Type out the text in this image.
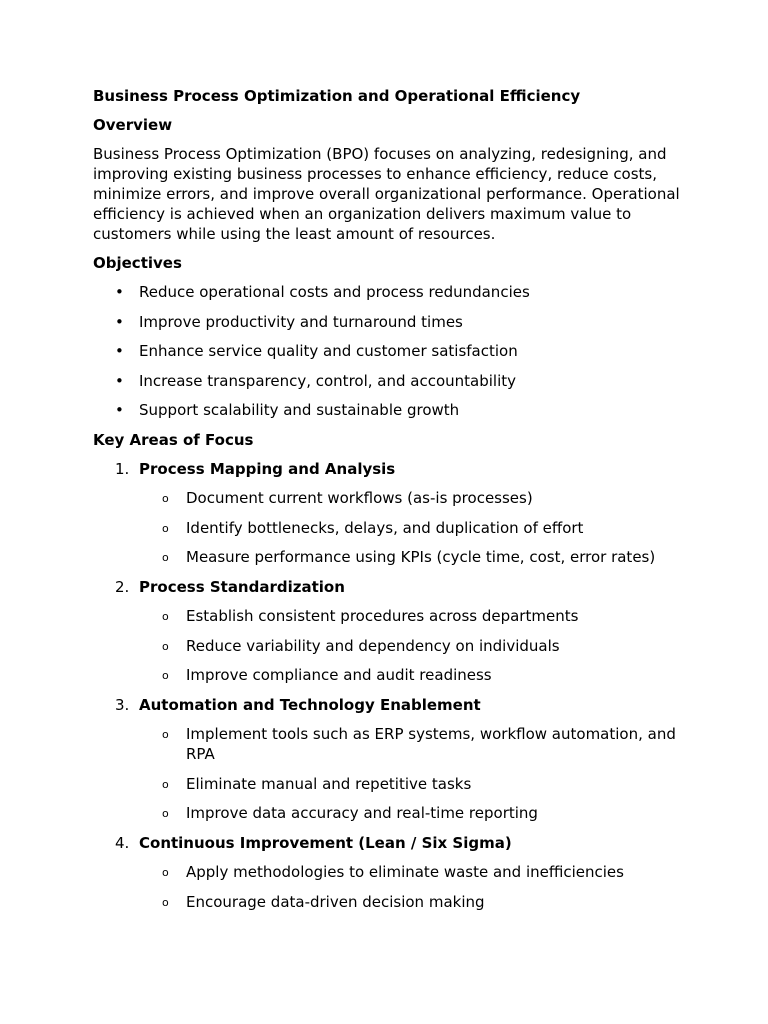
Business Process Optimization and Operational Efficiency
Overview
Business Process Optimization (BPO) focuses on analyzing, redesigning, and improving existing business processes to enhance efficiency, reduce costs, minimize errors, and improve overall organizational performance. Operational efficiency is achieved when an organization delivers maximum value to customers while using the least amount of resources.
Objectives
• Reduce operational costs and process redundancies
• Improve productivity and turnaround times
• Enhance service quality and customer satisfaction
• Increase transparency, control, and accountability
• Support scalability and sustainable growth
Key Areas of Focus
1. Process Mapping and Analysis
o Document current workflows (as-is processes)
o Identify bottlenecks, delays, and duplication of effort
o Measure performance using KPIs (cycle time, cost, error rates)
2. Process Standardization
o Establish consistent procedures across departments
o Reduce variability and dependency on individuals
o Improve compliance and audit readiness
3. Automation and Technology Enablement
o Implement tools such as ERP systems, workflow automation, and RPA
o Eliminate manual and repetitive tasks
o Improve data accuracy and real-time reporting
4. Continuous Improvement (Lean / Six Sigma)
o Apply methodologies to eliminate waste and inefficiencies
o Encourage data-driven decision making
